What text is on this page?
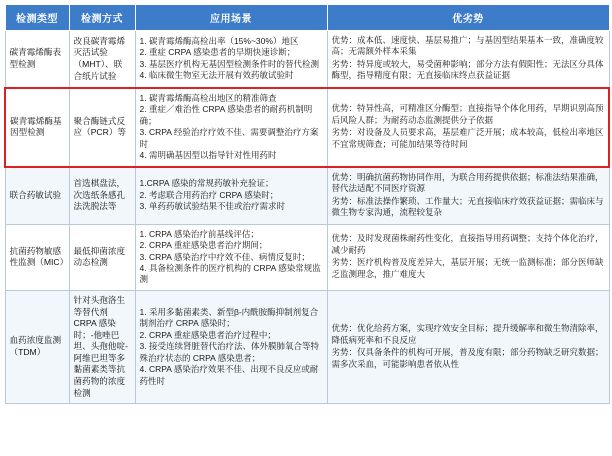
检测类型	检测方式	应用场景	优劣势
碳青霉烯酶表型检测	改良碳青霉烯灭活试验（MHT）、联合纸片试验	1. 碳青霉烯酶高检出率（15%~30%）地区
2. 重症 CRPA 感染患者的早期快速诊断；
3. 基层医疗机构无基因型检测条件时的替代检测
4. 临床微生物室无法开展有效药敏试验时	优势：成本低、速度快、基层易推广；与基因型结果基本一致，准确度较高；无需额外样本采集
劣势：特异度或较大，易受菌种影响；部分方法有假阳性；无法区分具体酶型，指导精度有限；无直接临床终点获益证据

碳青霉烯酶基因型检测	聚合酶链式反应（PCR）等	1. 碳青霉烯酶高检出地区的精准筛查
2. 重症／难治性 CRPA 感染患者的耐药机制明确；
3. CRPA 经验治疗疗效不佳、需要调整治疗方案时
4. 需明确基因型以指导针对性用药时	优势：特异性高，可精准区分酶型；直接指导个体化用药，早期识别高预后风险人群；为耐药动态监测提供分子依据
劣势：对设备及人员要求高，基层难广泛开展；成本较高，低检出率地区不宜常规筛查；可能加结果等待时间

联合药敏试验	首选棋盘法，次选纸条感孔法洗脱法等	1.CRPA 感染的常规药敏补充验证；
2. 考虑联合用药治疗 CRPA 感染时；
3. 单药药敏试验结果不佳或治疗需求时	优势：明确抗菌药物协同作用，为联合用药提供依据；标准法结果准确，替代法适配不同医疗资源
劣势：标准法操作繁琐、工作量大；无直接临床疗效获益证据；需临床与微生物专家沟通，流程较复杂

抗菌药物敏感性监测（MIC）	最低抑菌浓度动态检测	1. CRPA 感染治疗前基线评估；
2. CRPA 重症感染患者治疗期间；
3. CRPA 感染治疗中疗效不佳、病情反复时；
4. 具备检测条件的医疗机构的 CRPA 感染常规监测	优势：及时发现菌株耐药性变化，直接指导用药调整；支持个体化治疗，减少耐药
劣势：医疗机构普及度差异大，基层开展；无统一监测标准；部分医师缺乏监测理念，推广难度大

血药浓度监测（TDM）	针对头孢洛生等替代剂 CRPA 感染时；-他唑巴坦、头孢他啶-阿维巴坦等多黏菌素类等抗菌药物的浓度检测	1. 采用多黏菌素类、新型β-内酰胺酶抑制剂复合制剂治疗 CRPA 感染时；
2. CRPA 重症感染患者治疗过程中；
3. 接受连续肾脏替代治疗法、体外膜肺氧合等特殊治疗状态的 CRPA 感染患者；
4. CRPA 感染治疗效果不佳、出现不良反应或耐药性时	优势：优化给药方案，实现疗效安全目标；提升缓解率和微生物清除率，降低病死率和不良反应
劣势：仅具备条件的机构可开展，普及度有限；部分药物缺乏研究数据；需多次采血，可能影响患者依从性
